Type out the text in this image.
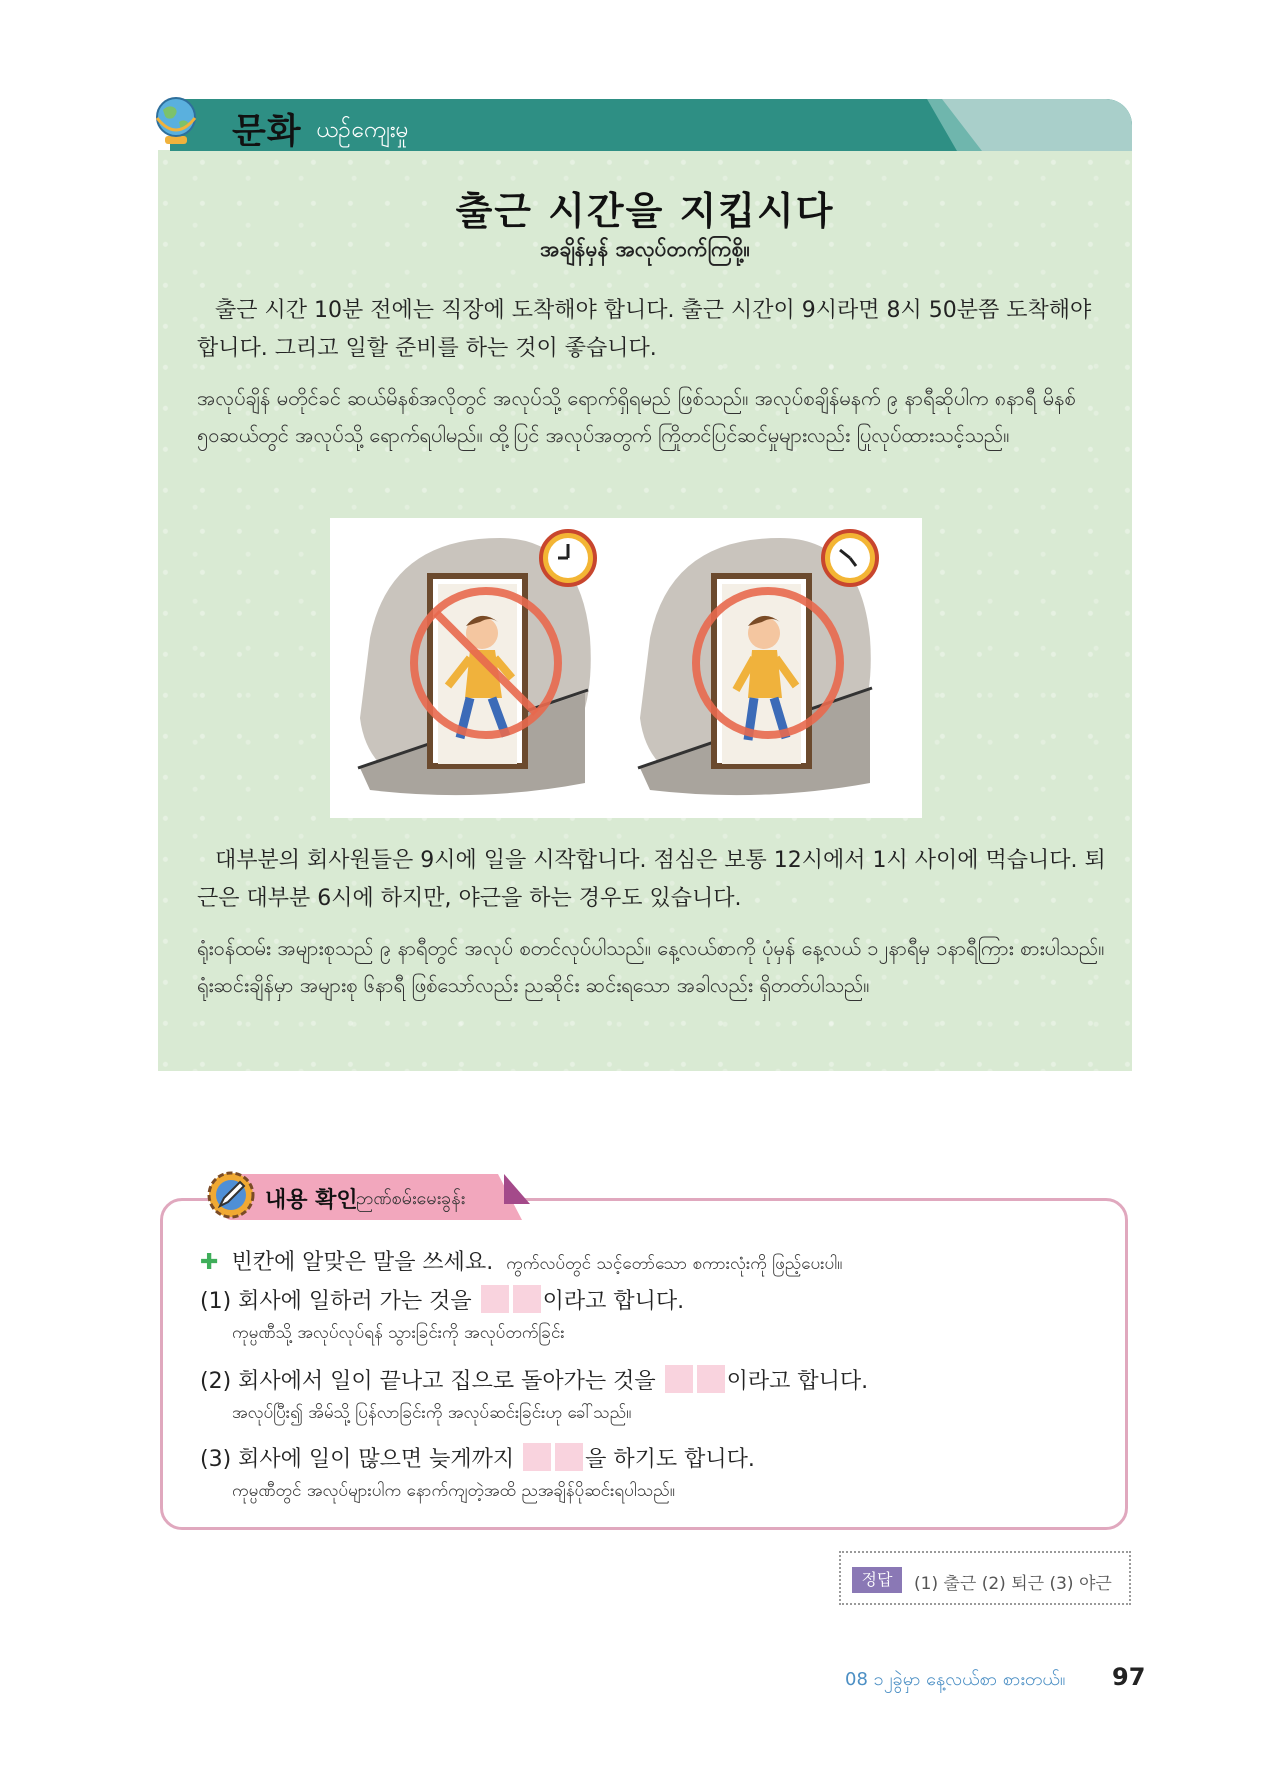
문화 ယဉ်ကျေးမှု
출근 시간을 지킵시다
အချိန်မှန် အလုပ်တက်ကြစို့။

출근 시간 10분 전에는 직장에 도착해야 합니다. 출근 시간이 9시라면 8시 50분쯤 도착해야 합니다. 그리고 일할 준비를 하는 것이 좋습니다.

အလုပ်ချိန် မတိုင်ခင် ဆယ်မိနစ်အလိုတွင် အလုပ်သို့ ရောက်ရှိရမည် ဖြစ်သည်။ အလုပ်စချိန်မနက် ၉ နာရီဆိုပါက ၈နာရီ မိနစ် ၅၀ဆယ်တွင် အလုပ်သို့ ရောက်ရပါမည်။ ထို့ပြင် အလုပ်အတွက် ကြိုတင်ပြင်ဆင်မှုများလည်း ပြုလုပ်ထားသင့်သည်။

대부분의 회사원들은 9시에 일을 시작합니다. 점심은 보통 12시에서 1시 사이에 먹습니다. 퇴근은 대부분 6시에 하지만, 야근을 하는 경우도 있습니다.

ရုံးဝန်ထမ်း အများစုသည် ၉ နာရီတွင် အလုပ် စတင်လုပ်ပါသည်။ နေ့လယ်စာကို ပုံမှန် နေ့လယ် ၁၂နာရီမှ ၁နာရီကြား စားပါသည်။ ရုံးဆင်းချိန်မှာ အများစု ၆နာရီ ဖြစ်သော်လည်း ညဆိုင်း ဆင်းရသော အခါလည်း ရှိတတ်ပါသည်။

내용 확인
ဉာဏ်စမ်းမေးခွန်း
✚ 빈칸에 알맞은 말을 쓰세요. ကွက်လပ်တွင် သင့်တော်သော စကားလုံးကို ဖြည့်ပေးပါ။
(1) 회사에 일하러 가는 것을	이라고 합니다.
ကုမ္ပဏီသို့ အလုပ်လုပ်ရန် သွားခြင်းကို အလုပ်တက်ခြင်း
(2) 회사에서 일이 끝나고 집으로 돌아가는 것을	이라고 합니다.
အလုပ်ပြီး၍ အိမ်သို့ ပြန်လာခြင်းကို အလုပ်ဆင်းခြင်းဟု ခေါ်သည်။
(3) 회사에 일이 많으면 늦게까지	을 하기도 합니다.
ကုမ္ပဏီတွင် အလုပ်များပါက နောက်ကျတဲ့အထိ ညအချိန်ပိုဆင်းရပါသည်။
정답	(1) 출근 (2) 퇴근 (3) 야근
08 ၁၂ခွဲမှာ နေ့လယ်စာ စားတယ်။ 97
